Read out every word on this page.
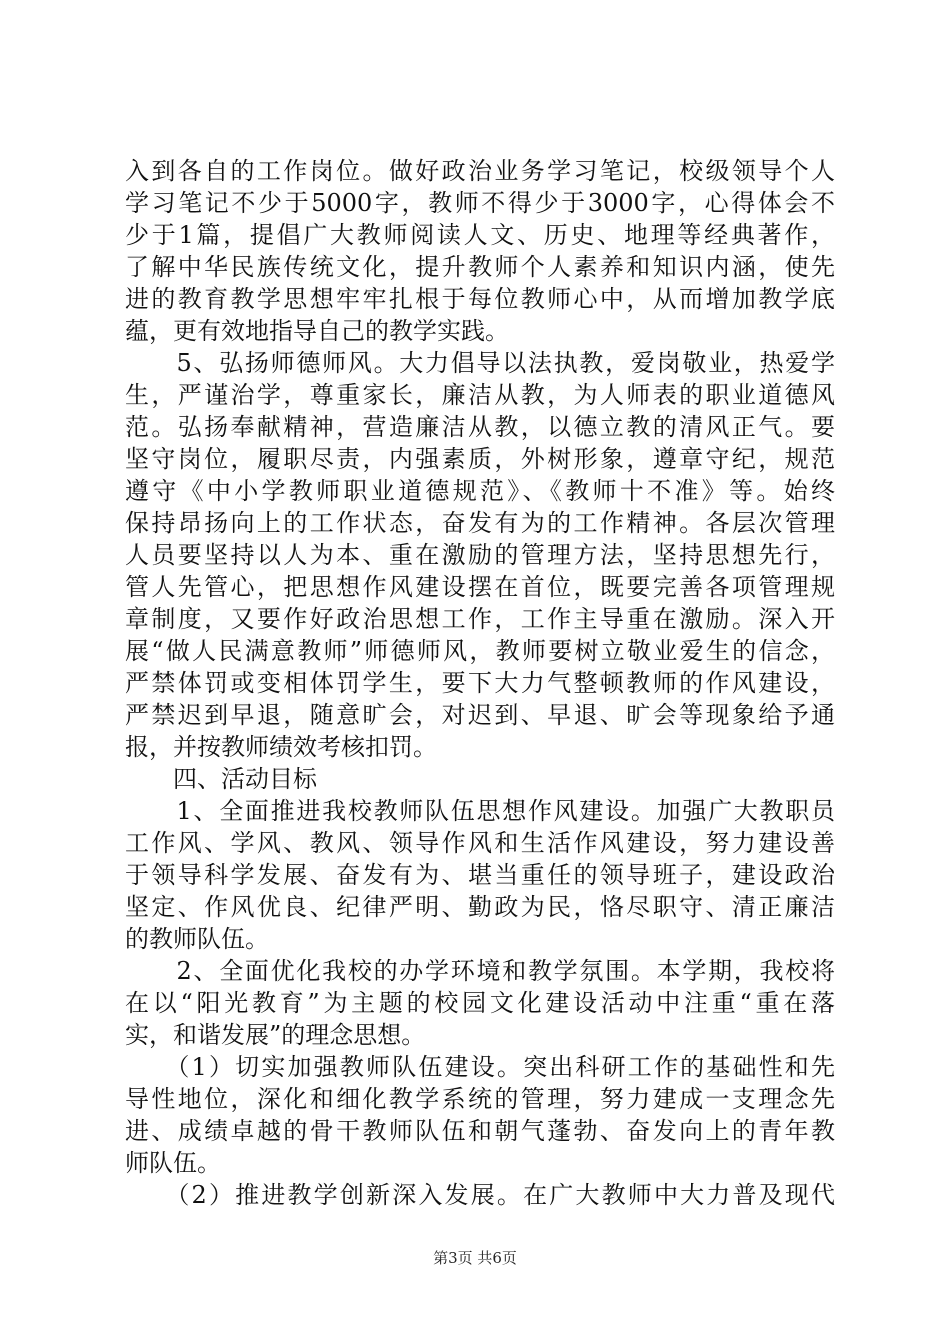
入到各自的工作岗位。做好政治业务学习笔记，校级领导个人
学习笔记不少于5000字，教师不得少于3000字，心得体会不
少于1篇，提倡广大教师阅读人文、历史、地理等经典著作，
了解中华民族传统文化，提升教师个人素养和知识内涵，使先
进的教育教学思想牢牢扎根于每位教师心中，从而增加教学底
蕴，更有效地指导自己的教学实践。
　　5、弘扬师德师风。大力倡导以法执教，爱岗敬业，热爱学
生，严谨治学，尊重家长，廉洁从教，为人师表的职业道德风
范。弘扬奉献精神，营造廉洁从教，以德立教的清风正气。要
坚守岗位，履职尽责，内强素质，外树形象，遵章守纪，规范
遵守《中小学教师职业道德规范》、《教师十不准》等。始终
保持昂扬向上的工作状态，奋发有为的工作精神。各层次管理
人员要坚持以人为本、重在激励的管理方法，坚持思想先行，
管人先管心，把思想作风建设摆在首位，既要完善各项管理规
章制度，又要作好政治思想工作，工作主导重在激励。深入开
展“做人民满意教师”师德师风，教师要树立敬业爱生的信念，
严禁体罚或变相体罚学生，要下大力气整顿教师的作风建设，
严禁迟到早退，随意旷会，对迟到、早退、旷会等现象给予通
报，并按教师绩效考核扣罚。
　　四、活动目标
　　1、全面推进我校教师队伍思想作风建设。加强广大教职员
工作风、学风、教风、领导作风和生活作风建设，努力建设善
于领导科学发展、奋发有为、堪当重任的领导班子，建设政治
坚定、作风优良、纪律严明、勤政为民，恪尽职守、清正廉洁
的教师队伍。
　　2、全面优化我校的办学环境和教学氛围。本学期，我校将
在以“阳光教育”为主题的校园文化建设活动中注重“重在落
实，和谐发展”的理念思想。
　　（1）切实加强教师队伍建设。突出科研工作的基础性和先
导性地位，深化和细化教学系统的管理，努力建成一支理念先
进、成绩卓越的骨干教师队伍和朝气蓬勃、奋发向上的青年教
师队伍。
　　（2）推进教学创新深入发展。在广大教师中大力普及现代
第3页 共6页
